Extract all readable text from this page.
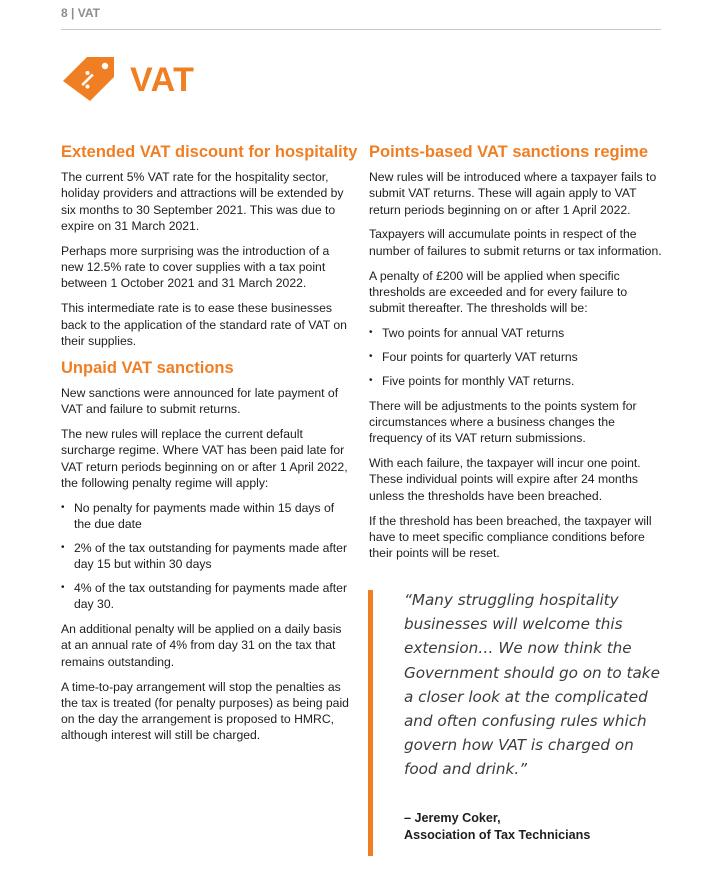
8 | VAT
VAT
Extended VAT discount for hospitality

The current 5% VAT rate for the hospitality sector, holiday providers and attractions will be extended by six months to 30 September 2021. This was due to expire on 31 March 2021.

Perhaps more surprising was the introduction of a new 12.5% rate to cover supplies with a tax point between 1 October 2021 and 31 March 2022.

This intermediate rate is to ease these businesses back to the application of the standard rate of VAT on their supplies.

Unpaid VAT sanctions

New sanctions were announced for late payment of VAT and failure to submit returns.

The new rules will replace the current default surcharge regime. Where VAT has been paid late for VAT return periods beginning on or after 1 April 2022, the following penalty regime will apply:

• No penalty for payments made within 15 days of the due date
• 2% of the tax outstanding for payments made after day 15 but within 30 days
• 4% of the tax outstanding for payments made after day 30.

An additional penalty will be applied on a daily basis at an annual rate of 4% from day 31 on the tax that remains outstanding.

A time-to-pay arrangement will stop the penalties as the tax is treated (for penalty purposes) as being paid on the day the arrangement is proposed to HMRC, although interest will still be charged.

Points-based VAT sanctions regime

New rules will be introduced where a taxpayer fails to submit VAT returns. These will again apply to VAT return periods beginning on or after 1 April 2022.

Taxpayers will accumulate points in respect of the number of failures to submit returns or tax information.

A penalty of £200 will be applied when specific thresholds are exceeded and for every failure to submit thereafter. The thresholds will be:

• Two points for annual VAT returns
• Four points for quarterly VAT returns
• Five points for monthly VAT returns.

There will be adjustments to the points system for circumstances where a business changes the frequency of its VAT return submissions.

With each failure, the taxpayer will incur one point. These individual points will expire after 24 months unless the thresholds have been breached.

If the threshold has been breached, the taxpayer will have to meet specific compliance conditions before their points will be reset.

“Many struggling hospitality businesses will welcome this extension… We now think the Government should go on to take a closer look at the complicated and often confusing rules which govern how VAT is charged on food and drink.”
– Jeremy Coker,
Association of Tax Technicians
